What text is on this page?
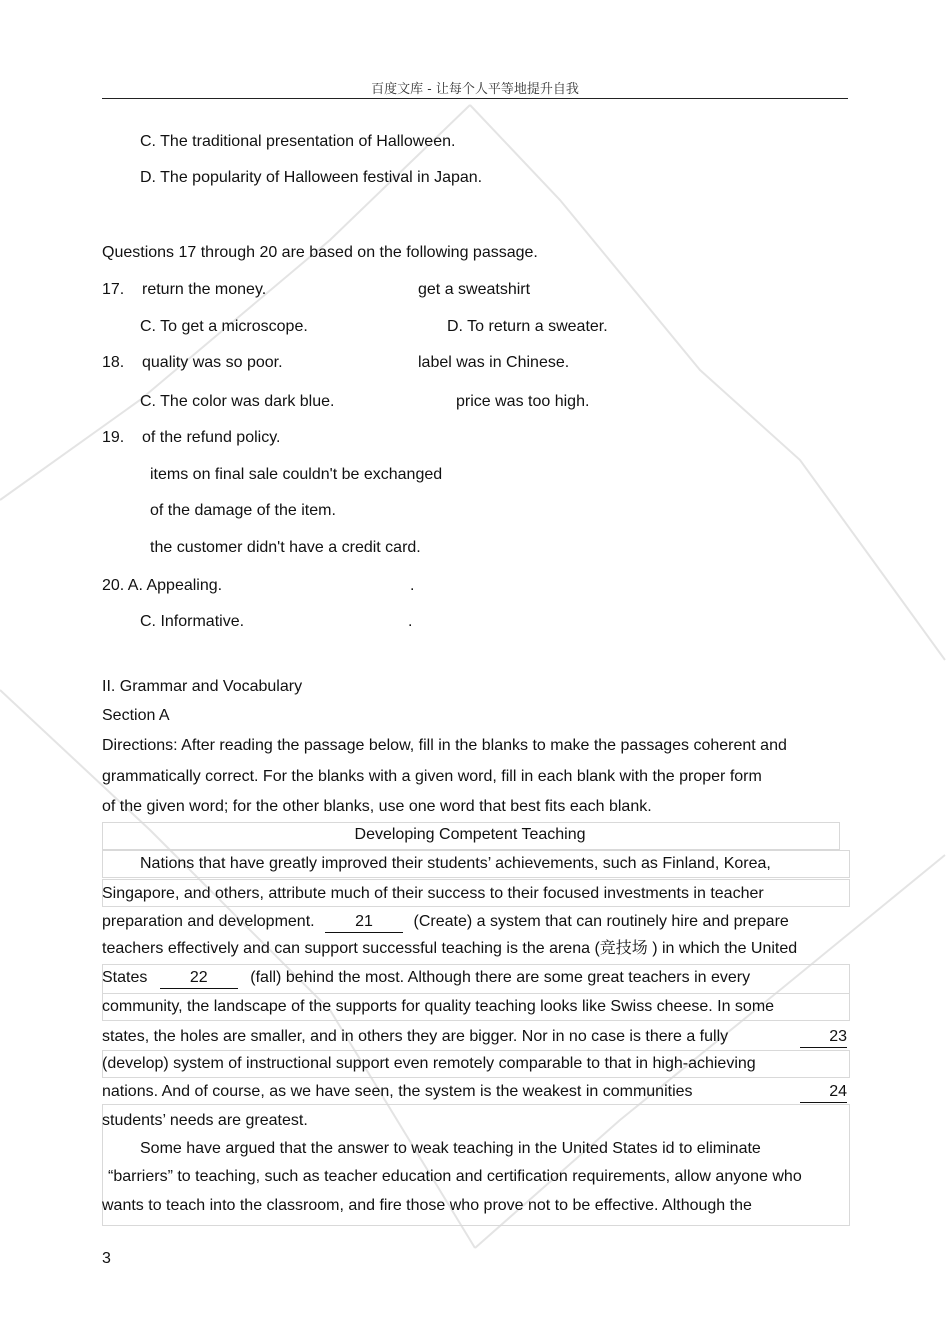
百度文库 - 让每个人平等地提升自我
C. The traditional presentation of Halloween.
D. The popularity of Halloween festival in Japan.
Questions 17 through 20 are based on the following passage.
17. return the money.	get a sweatshirt
C. To get a microscope.	D. To return a sweater.
18. quality was so poor.	label was in Chinese.
C. The color was dark blue.	price was too high.
19. of the refund policy.
items on final sale couldn't be exchanged
of the damage of the item.
the customer didn't have a credit card.
20. A. Appealing.	.
C. Informative.	.
II. Grammar and Vocabulary
Section A
Directions: After reading the passage below, fill in the blanks to make the passages coherent and
grammatically correct. For the blanks with a given word, fill in each blank with the proper form
of the given word; for the other blanks, use one word that best fits each blank.
Developing Competent Teaching
Nations that have greatly improved their students’ achievements, such as Finland, Korea,
Singapore, and others, attribute much of their success to their focused investments in teacher
preparation and development.	21	(Create) a system that can routinely hire and prepare
teachers effectively and can support successful teaching is the arena (竞技场 ) in which the United
States	22	(fall) behind the most. Although there are some great teachers in every
community, the landscape of the supports for quality teaching looks like Swiss cheese. In some
states, the holes are smaller, and in others they are bigger. Nor in no case is there a fully	23
(develop) system of instructional support even remotely comparable to that in high-achieving
nations. And of course, as we have seen, the system is the weakest in communities	24
students’ needs are greatest.
Some have argued that the answer to weak teaching in the United States id to eliminate
“barriers” to teaching, such as teacher education and certification requirements, allow anyone who
wants to teach into the classroom, and fire those who prove not to be effective. Although the
3
